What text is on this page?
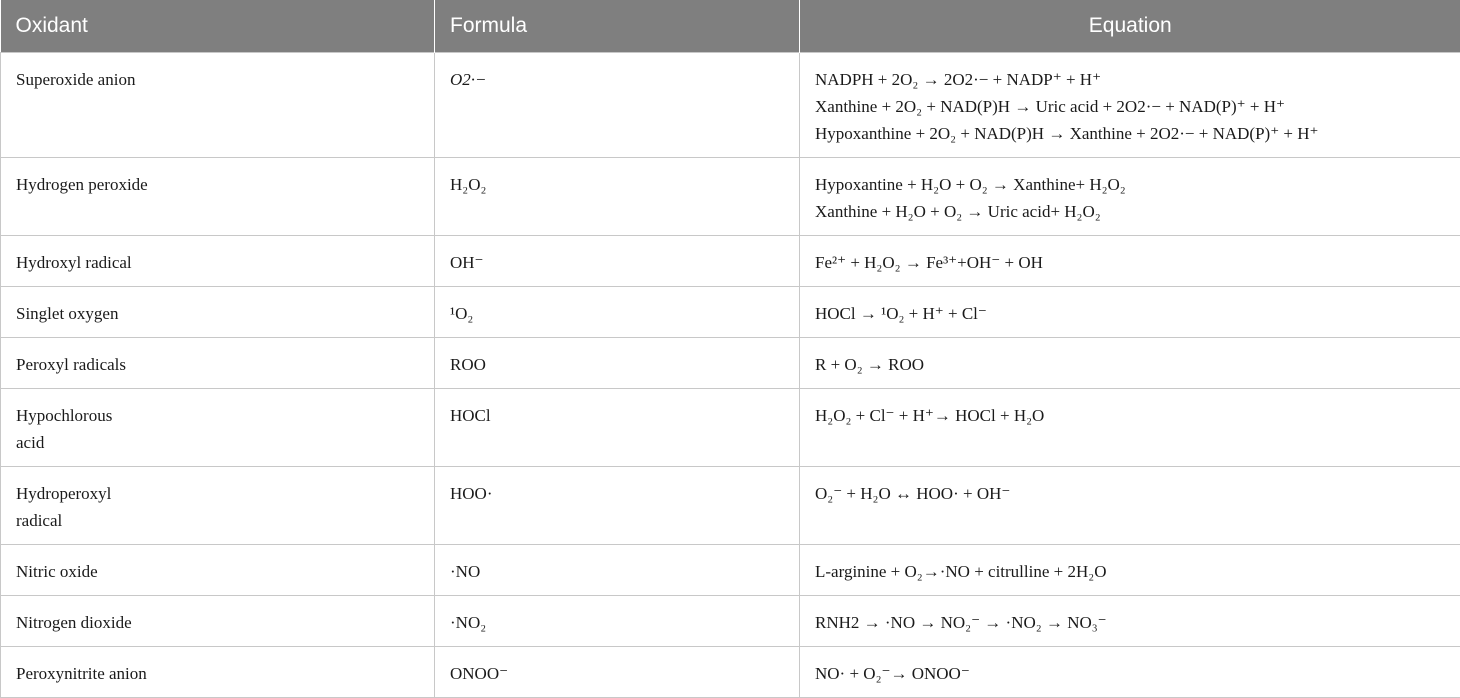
Oxidant	Formula	Equation
Superoxide anion	O2·−	NADPH + 2O₂ → 2O2·− + NADP⁺ + H⁺
Xanthine + 2O₂ + NAD(P)H → Uric acid + 2O2·− + NAD(P)⁺ + H⁺
Hypoxanthine + 2O₂ + NAD(P)H → Xanthine + 2O2·− + NAD(P)⁺ + H⁺

Hydrogen peroxide	H₂O₂	Hypoxantine + H₂O + O₂ → Xanthine+ H₂O₂
Xanthine + H₂O + O₂ → Uric acid+ H₂O₂

Hydroxyl radical	OH⁻	Fe²⁺ + H₂O₂ → Fe³⁺+OH⁻ + OH

Singlet oxygen	¹O₂	HOCl → ¹O₂ + H⁺ + Cl⁻

Peroxyl radicals	ROO	R + O₂ → ROO

Hypochlorous
acid	HOCl	H₂O₂ + Cl⁻ + H⁺→ HOCl + H₂O

Hydroperoxyl
radical	HOO·	O₂⁻ + H₂O ↔ HOO· + OH⁻

Nitric oxide	·NO	L-arginine + O₂→·NO + citrulline + 2H₂O

Nitrogen dioxide	·NO₂	RNH2 → ·NO → NO₂⁻ → ·NO₂ → NO₃⁻

Peroxynitrite anion	ONOO⁻	NO· + O₂⁻→ ONOO⁻
